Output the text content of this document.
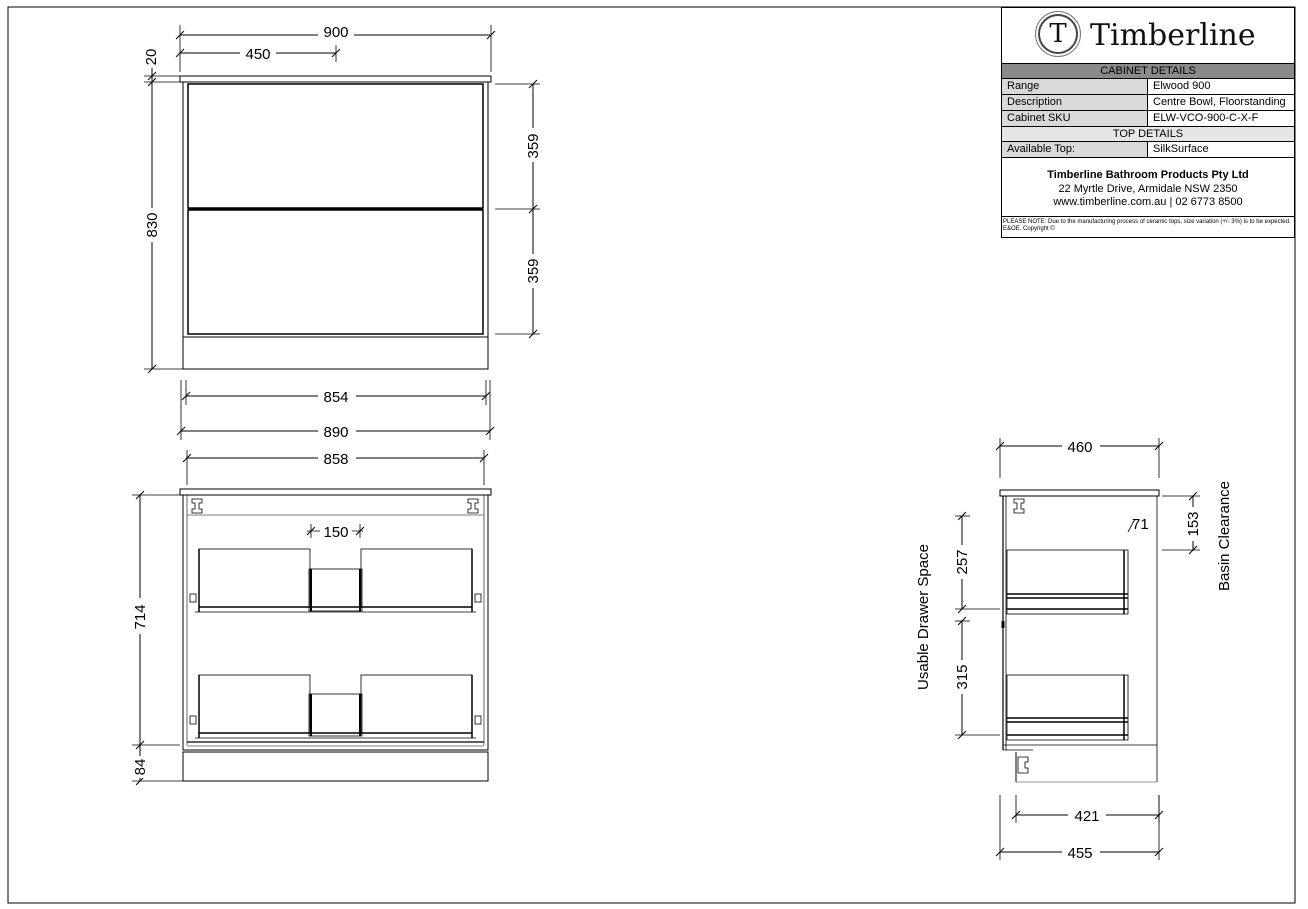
900
450
20
830
359
359
854
890
858
150
714
84
460
153
71
257
315
421
455
Usable Drawer Space
Basin Clearance
T Timberline
CABINET DETAILS
Range	Elwood 900
Description	Centre Bowl, Floorstanding
Cabinet SKU	ELW-VCO-900-C-X-F
TOP DETAILS
Available Top:	SilkSurface
Timberline Bathroom Products Pty Ltd
22 Myrtle Drive, Armidale NSW 2350
www.timberline.com.au | 02 6773 8500
PLEASE NOTE: Due to the manufacturing process of ceramic tops, size variation (+/- 3%) is to be expected. E&OE. Copyright ©
